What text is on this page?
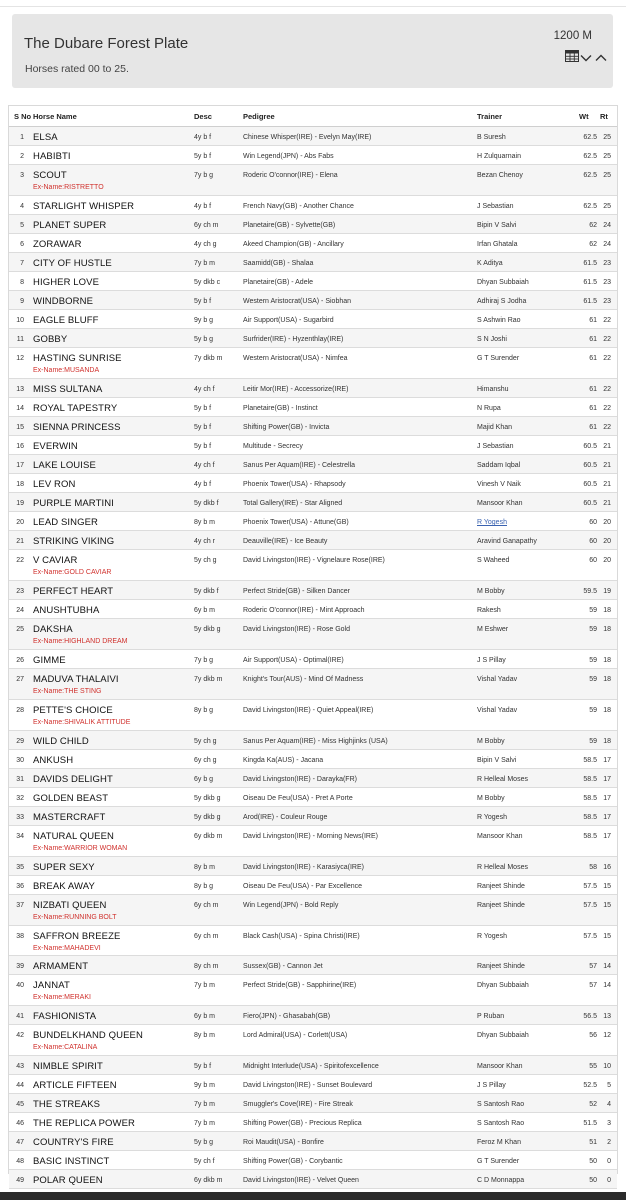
The Dubare Forest Plate
Horses rated 00 to 25.
1200 M
S No Horse Name	Desc	Pedigree	Trainer	Wt Rt
1 ELSA	4y b f	Chinese Whisper(IRE) - Evelyn May(IRE)	B Suresh	62.5 25
2 HABIBTI	5y b f	Win Legend(JPN) - Abs Fabs	H Zulquarnain	62.5 25
3 SCOUT
Ex-Name:RISTRETTO
7y b g	Roderic O'connor(IRE) - Elena	Bezan Chenoy	62.5 25
4 STARLIGHT WHISPER	4y b f	French Navy(GB) - Another Chance	J Sebastian	62.5 25
5 PLANET SUPER	6y ch m	Planetaire(GB) - Sylvette(GB)	Bipin V Salvi	62 24
6 ZORAWAR	4y ch g	Akeed Champion(GB) - Ancillary	Irfan Ghatala	62 24
7 CITY OF HUSTLE	7y b m	Saamidd(GB) - Shalaa	K Aditya	61.5 23
8 HIGHER LOVE	5y dkb c	Planetaire(GB) - Adele	Dhyan Subbaiah	61.5 23
9 WINDBORNE	5y b f	Western Aristocrat(USA) - Siobhan	Adhiraj S Jodha	61.5 23
10 EAGLE BLUFF	9y b g	Air Support(USA) - Sugarbird	S Ashwin Rao	61 22
11 GOBBY	5y b g	Surfrider(IRE) - Hyzenthlay(IRE)	S N Joshi	61 22
12 HASTING SUNRISE
Ex-Name:MUSANDA
7y dkb m	Western Aristocrat(USA) - Nimfea	G T Surender	61 22
13 MISS SULTANA	4y ch f	Leitir Mor(IRE) - Accessorize(IRE)	Himanshu	61 22
14 ROYAL TAPESTRY	5y b f	Planetaire(GB) - Instinct	N Rupa	61 22
15 SIENNA PRINCESS	5y b f	Shifting Power(GB) - Invicta	Majid Khan	61 22
16 EVERWIN	5y b f	Multitude - Secrecy	J Sebastian	60.5 21
17 LAKE LOUISE	4y ch f	Sanus Per Aquam(IRE) - Celestrella	Saddam Iqbal	60.5 21
18 LEV RON	4y b f	Phoenix Tower(USA) - Rhapsody	Vinesh V Naik	60.5 21
19 PURPLE MARTINI	5y dkb f	Total Gallery(IRE) - Star Aligned	Mansoor Khan	60.5 21
20 LEAD SINGER	8y b m	Phoenix Tower(USA) - Attune(GB)	R Yogesh	60 20
21 STRIKING VIKING	4y ch r	Deauville(IRE) - Ice Beauty	Aravind Ganapathy	60 20
22 V CAVIAR
Ex-Name:GOLD CAVIAR
5y ch g	David Livingston(IRE) - Vignelaure Rose(IRE)	S Waheed	60 20
23 PERFECT HEART	5y dkb f	Perfect Stride(GB) - Silken Dancer	M Bobby	59.5 19
24 ANUSHTUBHA	6y b m	Roderic O'connor(IRE) - Mint Approach	Rakesh	59 18
25 DAKSHA
Ex-Name:HIGHLAND DREAM
5y dkb g	David Livingston(IRE) - Rose Gold	M Eshwer	59 18
26 GIMME	7y b g	Air Support(USA) - Optimal(IRE)	J S Pillay	59 18
27 MADUVA THALAIVI
Ex-Name:THE STING
7y dkb m	Knight's Tour(AUS) - Mind Of Madness	Vishal Yadav	59 18
28 PETTE'S CHOICE
Ex-Name:SHIVALIK ATTITUDE
8y b g	David Livingston(IRE) - Quiet Appeal(IRE)	Vishal Yadav	59 18
29 WILD CHILD	5y ch g	Sanus Per Aquam(IRE) - Miss Highjinks (USA)	M Bobby	59 18
30 ANKUSH	6y ch g	Kingda Ka(AUS) - Jacana	Bipin V Salvi	58.5 17
31 DAVIDS DELIGHT	6y b g	David Livingston(IRE) - Darayka(FR)	R Helleal Moses	58.5 17
32 GOLDEN BEAST	5y dkb g	Oiseau De Feu(USA) - Pret A Porte	M Bobby	58.5 17
33 MASTERCRAFT	5y dkb g	Arod(IRE) - Couleur Rouge	R Yogesh	58.5 17
34 NATURAL QUEEN
Ex-Name:WARRIOR WOMAN
6y dkb m	David Livingston(IRE) - Morning News(IRE)	Mansoor Khan	58.5 17
35 SUPER SEXY	8y b m	David Livingston(IRE) - Karasiyca(IRE)	R Helleal Moses	58 16
36 BREAK AWAY	8y b g	Oiseau De Feu(USA) - Par Excellence	Ranjeet Shinde	57.5 15
37 NIZBATI QUEEN
Ex-Name:RUNNING BOLT
6y ch m	Win Legend(JPN) - Bold Reply	Ranjeet Shinde	57.5 15
38 SAFFRON BREEZE
Ex-Name:MAHADEVI
6y ch m	Black Cash(USA) - Spina Christi(IRE)	R Yogesh	57.5 15
39 ARMAMENT	8y ch m	Sussex(GB) - Cannon Jet	Ranjeet Shinde	57 14
40 JANNAT
Ex-Name:MERAKI
7y b m	Perfect Stride(GB) - Sapphirine(IRE)	Dhyan Subbaiah	57 14
41 FASHIONISTA	6y b m	Fiero(JPN) - Ghasabah(GB)	P Ruban	56.5 13
42 BUNDELKHAND QUEEN
Ex-Name:CATALINA
8y b m	Lord Admiral(USA) - Corlett(USA)	Dhyan Subbaiah	56 12
43 NIMBLE SPIRIT	5y b f	Midnight Interlude(USA) - Spiritofexcellence	Mansoor Khan	55 10
44 ARTICLE FIFTEEN	9y b m	David Livingston(IRE) - Sunset Boulevard	J S Pillay	52.5	5
45 THE STREAKS	7y b m	Smuggler's Cove(IRE) - Fire Streak	S Santosh Rao	52	4
46 THE REPLICA POWER	7y b m	Shifting Power(GB) - Precious Replica	S Santosh Rao	51.5	3
47 COUNTRY'S FIRE	5y b g	Roi Maudit(USA) - Bonfire	Feroz M Khan	51	2
48 BASIC INSTINCT	5y ch f	Shifting Power(GB) - Corybantic	G T Surender	50	0
49 POLAR QUEEN	6y dkb m	David Livingston(IRE) - Velvet Queen	C D Monnappa	50	0
